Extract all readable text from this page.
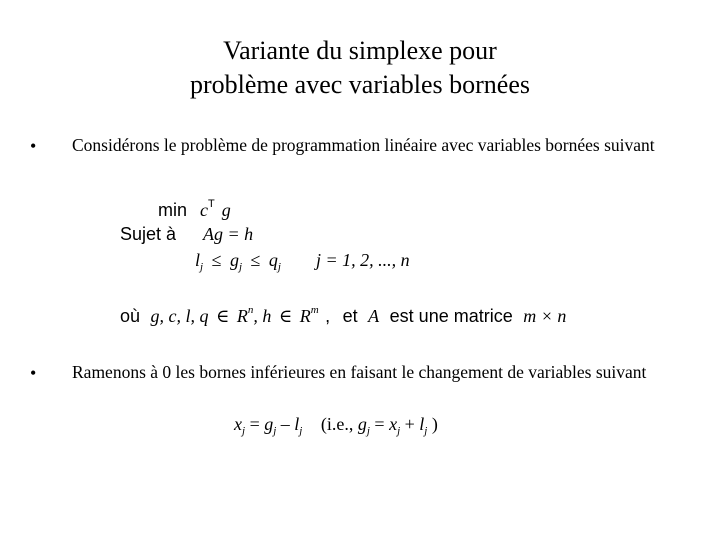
Variante du simplexe pour
problème avec variables bornées
• Considérons le problème de programmation linéaire avec variables bornées suivant
$\min c^T$ g
Sujet à Ag = h
$l_j \le g_j \le q_j$ j = 1, 2, ..., n
où g, c, l, q ∈ $R^n$, h ∈ $R^m$ , et A est une matrice m × n
• Ramenons à 0 les bornes inférieures en faisant le changement de variables suivant
$x_j = g_j - l_j$ (i.e., $g_j = x_j + l_j$ )
